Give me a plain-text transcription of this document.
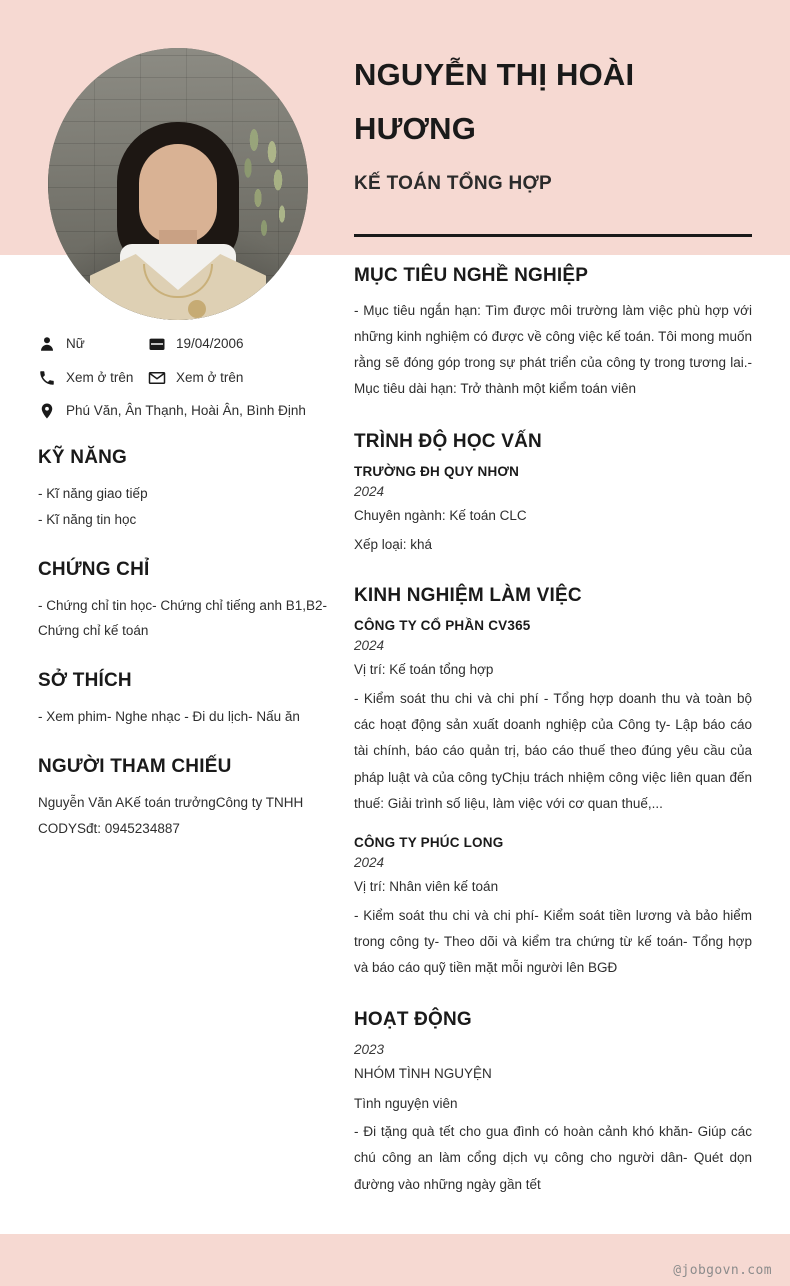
NGUYỄN THỊ HOÀI HƯƠNG
KẾ TOÁN TỔNG HỢP
MỤC TIÊU NGHỀ NGHIỆP
- Mục tiêu ngắn hạn: Tìm được môi trường làm việc phù hợp với những kinh nghiệm có được về công việc kế toán. Tôi mong muốn rằng sẽ đóng góp trong sự phát triển của công ty trong tương lai.- Mục tiêu dài hạn: Trở thành một kiểm toán viên
TRÌNH ĐỘ HỌC VẤN
TRƯỜNG ĐH QUY NHƠN
2024
Chuyên ngành: Kế toán CLC
Xếp loại: khá
KINH NGHIỆM LÀM VIỆC
CÔNG TY CỔ PHẦN CV365
2024
Vị trí: Kế toán tổng hợp
- Kiểm soát thu chi và chi phí - Tổng hợp doanh thu và toàn bộ các hoạt động sản xuất doanh nghiệp của Công ty- Lập báo cáo tài chính, báo cáo quản trị, báo cáo thuế theo đúng yêu cầu của pháp luật và của công tyChịu trách nhiệm công việc liên quan đến thuế: Giải trình số liệu, làm việc với cơ quan thuế,...
CÔNG TY PHÚC LONG
2024
Vị trí: Nhân viên kế toán
- Kiểm soát thu chi và chi phí- Kiểm soát tiền lương và bảo hiểm trong công ty- Theo dõi và kiểm tra chứng từ kế toán- Tổng hợp và báo cáo quỹ tiền mặt mỗi người lên BGĐ
HOẠT ĐỘNG
2023
NHÓM TÌNH NGUYỆN
Tình nguyện viên
- Đi tặng quà tết cho gua đình có hoàn cảnh khó khăn- Giúp các chú công an làm cổng dịch vụ công cho người dân- Quét dọn đường vào những ngày gần tết
Nữ	19/04/2006
Xem ở trên	Xem ở trên
Phú Văn, Ân Thạnh, Hoài Ân, Bình Định
KỸ NĂNG
- Kĩ năng giao tiếp
- Kĩ năng tin học
CHỨNG CHỈ
- Chứng chỉ tin học- Chứng chỉ tiếng anh B1,B2- Chứng chỉ kế toán
SỞ THÍCH
- Xem phim- Nghe nhạc - Đi du lịch- Nấu ăn
NGƯỜI THAM CHIẾU
Nguyễn Văn AKế toán trưởngCông ty TNHH CODYSđt: 0945234887
@jobgovn.com
